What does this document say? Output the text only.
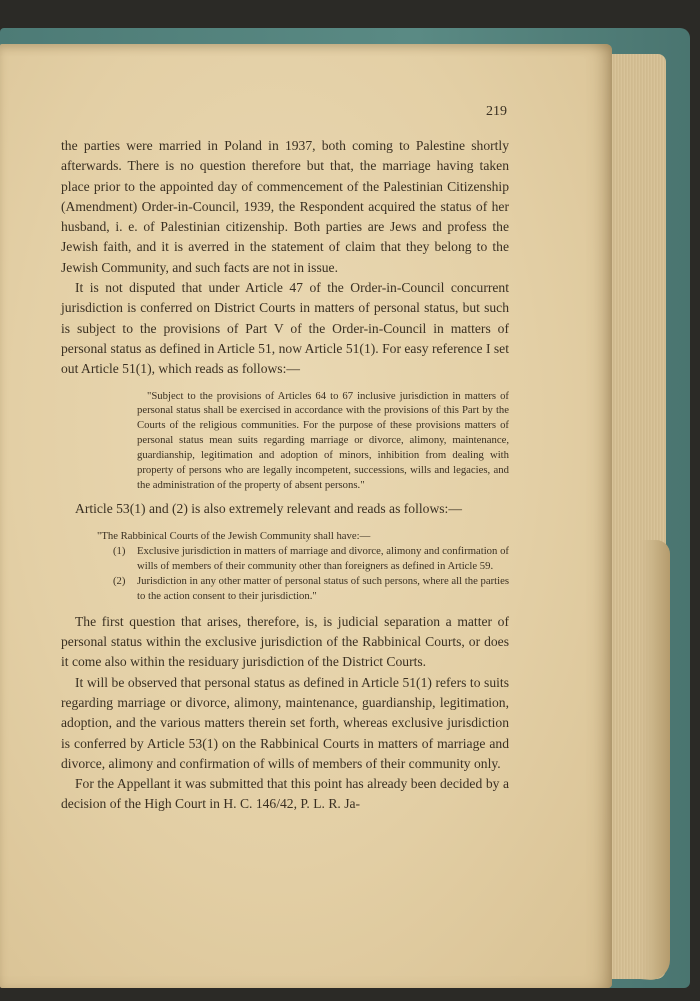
219

the parties were married in Poland in 1937, both coming to Palestine shortly afterwards. There is no question therefore but that, the marriage having taken place prior to the appointed day of commencement of the Palestinian Citizenship (Amendment) Order-in-Council, 1939, the Respondent acquired the status of her husband, i. e. of Palestinian citizenship. Both parties are Jews and profess the Jewish faith, and it is averred in the statement of claim that they belong to the Jewish Community, and such facts are not in issue.

It is not disputed that under Article 47 of the Order-in-Council concurrent jurisdiction is conferred on District Courts in matters of personal status, but such is subject to the provisions of Part V of the Order-in-Council in matters of personal status as defined in Article 51, now Article 51(1). For easy reference I set out Article 51(1), which reads as follows:—

"Subject to the provisions of Articles 64 to 67 inclusive jurisdiction in matters of personal status shall be exercised in accordance with the provisions of this Part by the Courts of the religious communities. For the purpose of these provisions matters of personal status mean suits regarding marriage or divorce, alimony, maintenance, guardianship, legitimation and adoption of minors, inhibition from dealing with property of persons who are legally incompetent, successions, wills and legacies, and the administration of the property of absent persons."

Article 53(1) and (2) is also extremely relevant and reads as follows:—

"The Rabbinical Courts of the Jewish Community shall have:—

(1)	Exclusive jurisdiction in matters of marriage and divorce, alimony and confirmation of wills of members of their community other than foreigners as defined in Article 59.
(2)	Jurisdiction in any other matter of personal status of such persons, where all the parties to the action consent to their jurisdiction."

The first question that arises, therefore, is, is judicial separation a matter of personal status within the exclusive jurisdiction of the Rabbinical Courts, or does it come also within the residuary jurisdiction of the District Courts.

It will be observed that personal status as defined in Article 51(1) refers to suits regarding marriage or divorce, alimony, maintenance, guardianship, legitimation, adoption, and the various matters therein set forth, whereas exclusive jurisdiction is conferred by Article 53(1) on the Rabbinical Courts in matters of marriage and divorce, alimony and confirmation of wills of members of their community only.

For the Appellant it was submitted that this point has already been decided by a decision of the High Court in H. C. 146/42, P. L. R. Ja-
